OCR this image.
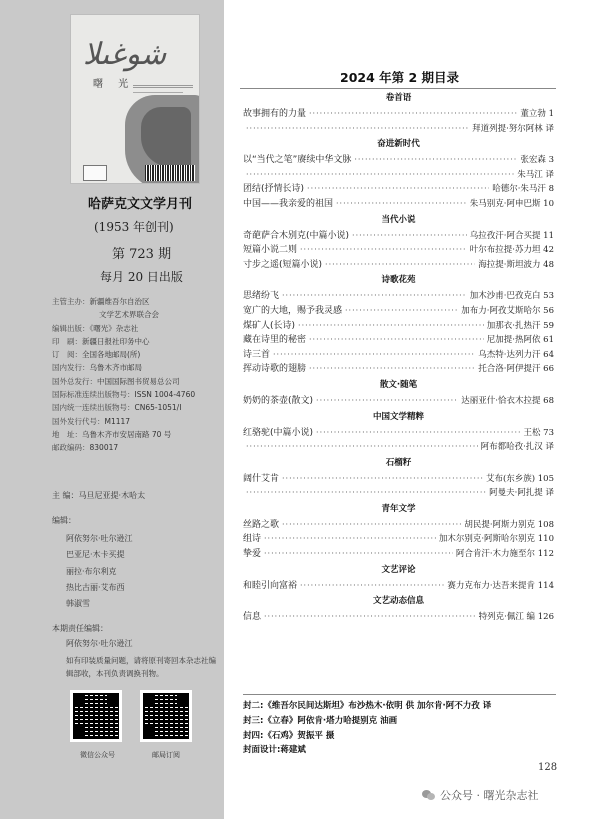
شوغىلا
曙 光
哈萨克文文学月刊
(1953 年创刊)
第 723 期
每月 20 日出版
主管主办：新疆维吾尔自治区
文学艺术界联合会
编辑出版：《曙光》杂志社
印　刷：新疆日报社印务中心
订　阅：全国各地邮局(所)
国内发行：乌鲁木齐市邮局
国外总发行：中国国际图书贸易总公司
国际标准连续出版物号：ISSN 1004-4760
国内统一连续出版物号：CN65-1051/I
国外发行代号：M1117
地　址：乌鲁木齐市安居南路 70 号
邮政编码：830017
主 编：马旦尼亚提·木哈太
编辑：
阿依努尔·吐尔逊江
巴亚尼·木卡买提
丽拉·布尔利克
热比古丽·艾布西
韩淑雪
本期责任编辑：
阿依努尔·吐尔逊江
如有印装质量问题，请将原刊寄回本杂志社编辑部收，本刊负责调换刊物。
微信公众号	邮局订阅
2024 年第 2 期目录
卷首语
故事拥有的力量 ·····	董立勃 1
·····
拜道列提·努尔阿林 译
奋进新时代
以“当代之笔”赓续中华文脉 ·····	张宏森 3
·····
朱马江 译
团结(抒情长诗) ·····	哈德尔·朱马汗 8
中国——我亲爱的祖国 ·····	朱马别克·阿申巴斯 10
当代小说
奇葩萨合木别克(中篇小说) ·····	乌拉孜汗·阿合买提 11
短篇小说二则 ·····	叶尔布拉提·苏力坦 42
寸步之遥(短篇小说) ·····	海拉提·斯坦波力 48
诗歌花苑
思绪纷飞 ·····	加木沙甫·巴孜克白 53
宽广的大地，赐予我灵感 ·····	加布力·阿孜艾斯哈尔 56
煤矿人(长诗) ·····	加那衣·扎热汗 59
藏在诗里的秘密 ·····	尼加提·热阿依 61
诗三首 ·····	乌杰特·达列力汗 64
挥动诗歌的翅膀 ·····	托合洛·阿伊提汗 66
散文·随笔
奶奶的茶壶(散文) ·····	达丽亚什·恰衣木拉提 68
中国文学精粹
红骆驼(中篇小说) ·····	王松 73
·····
阿布都哈孜·扎汉 译
石榴籽
阔什艾肯 ·····	艾布(东乡族) 105
·····
阿曼夫·阿扎提 译
青年文学
丝路之歌 ·····	胡民提·阿斯力别克 108
组诗 ·····	加木尔别克·阿斯哈尔别克 110
挚爱 ·····	阿合肯汗·木力施至尔 112
文艺评论
和睦引向富裕 ·····	赛力克布力·达吾来提肯 114
文艺动态信息
信息 ·····	特列克·佩江 编 126
封二:《维吾尔民间达斯坦》布沙热木·依明 供 加尔肯·阿不力孜 译
封三:《立春》阿依肯·塔力哈提别克 油画
封四:《石鸡》贺振平 摄
封面设计:蒋建斌
128
公众号 · 曙光杂志社
